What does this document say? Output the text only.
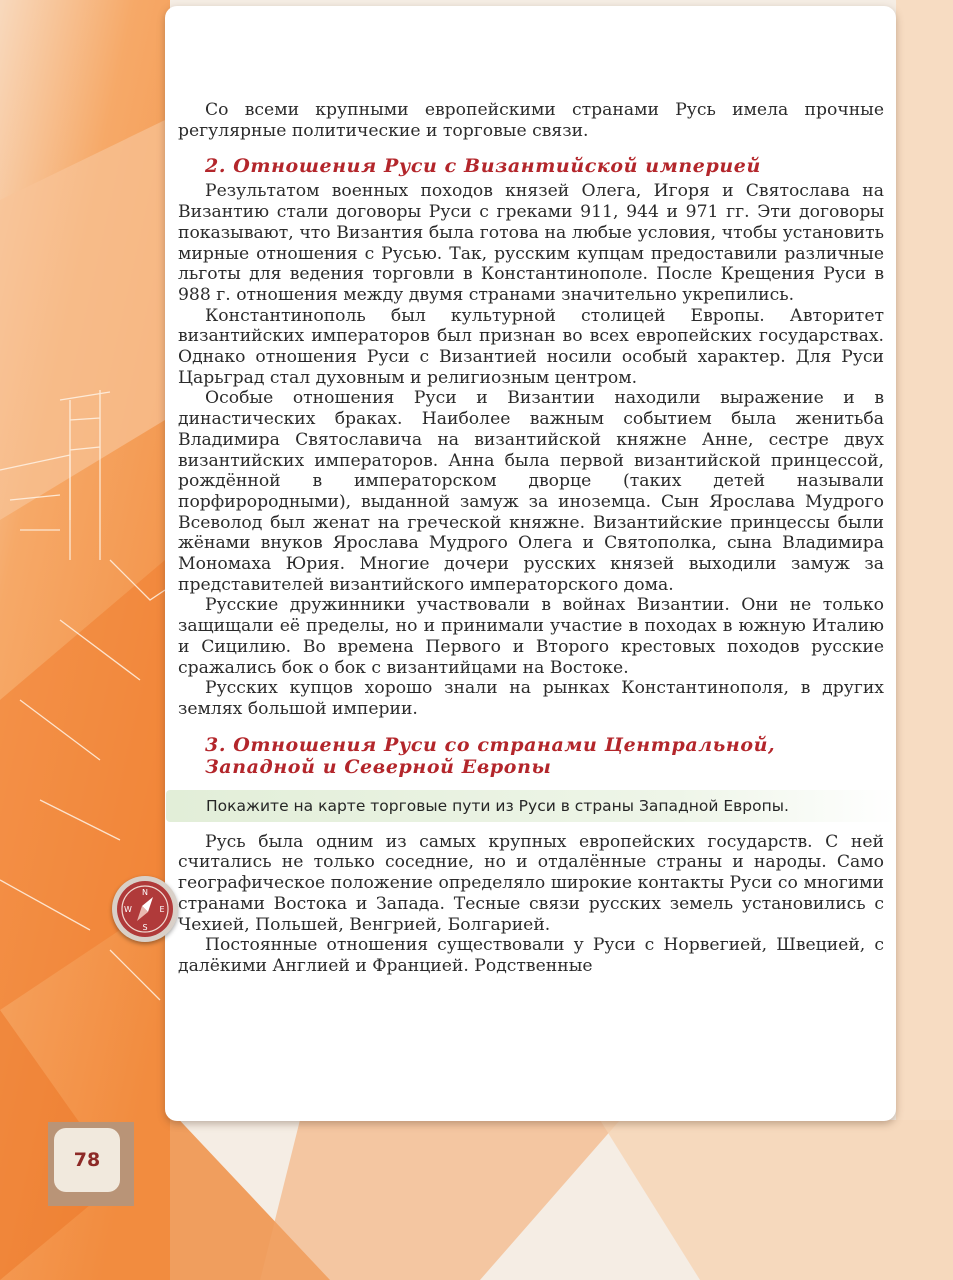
N
S
E
W

Со всеми крупными европейскими странами Русь имела прочные регулярные политические и торговые связи.

2. Отношения Руси с Византийской империей

Результатом военных походов князей Олега, Игоря и Святослава на Византию стали договоры Руси с греками 911, 944 и 971 гг. Эти договоры показывают, что Византия была готова на любые условия, чтобы установить мирные отношения с Русью. Так, русским купцам предоставили различные льготы для ведения торговли в Константинополе. После Крещения Руси в 988 г. отношения между двумя странами значительно укрепились.

Константинополь был культурной столицей Европы. Авторитет византийских императоров был признан во всех европейских государствах. Однако отношения Руси с Византией носили особый характер. Для Руси Царьград стал духовным и религиозным центром.

Особые отношения Руси и Византии находили выражение и в династических браках. Наиболее важным событием была женитьба Владимира Святославича на византийской княжне Анне, сестре двух византийских императоров. Анна была первой византийской принцессой, рождённой в императорском дворце (таких детей называли порфирородными), выданной замуж за иноземца. Сын Ярослава Мудрого Всеволод был женат на греческой княжне. Византийские принцессы были жёнами внуков Ярослава Мудрого Олега и Святополка, сына Владимира Мономаха Юрия. Многие дочери русских князей выходили замуж за представителей византийского императорского дома.

Русские дружинники участвовали в войнах Византии. Они не только защищали её пределы, но и принимали участие в походах в южную Италию и Сицилию. Во времена Первого и Второго крестовых походов русские сражались бок о бок с византийцами на Востоке.

Русских купцов хорошо знали на рынках Константинополя, в других землях большой империи.

3. Отношения Руси со странами Центральной, Западной и Северной Европы
Покажите на карте торговые пути из Руси в страны Западной Европы.

Русь была одним из самых крупных европейских государств. С ней считались не только соседние, но и отдалённые страны и народы. Само географическое положение определяло широкие контакты Руси со многими странами Востока и Запада. Тесные связи русских земель установились с Чехией, Польшей, Венгрией, Болгарией.

Постоянные отношения существовали у Руси с Норвегией, Швецией, с далёкими Англией и Францией. Родственные

78
